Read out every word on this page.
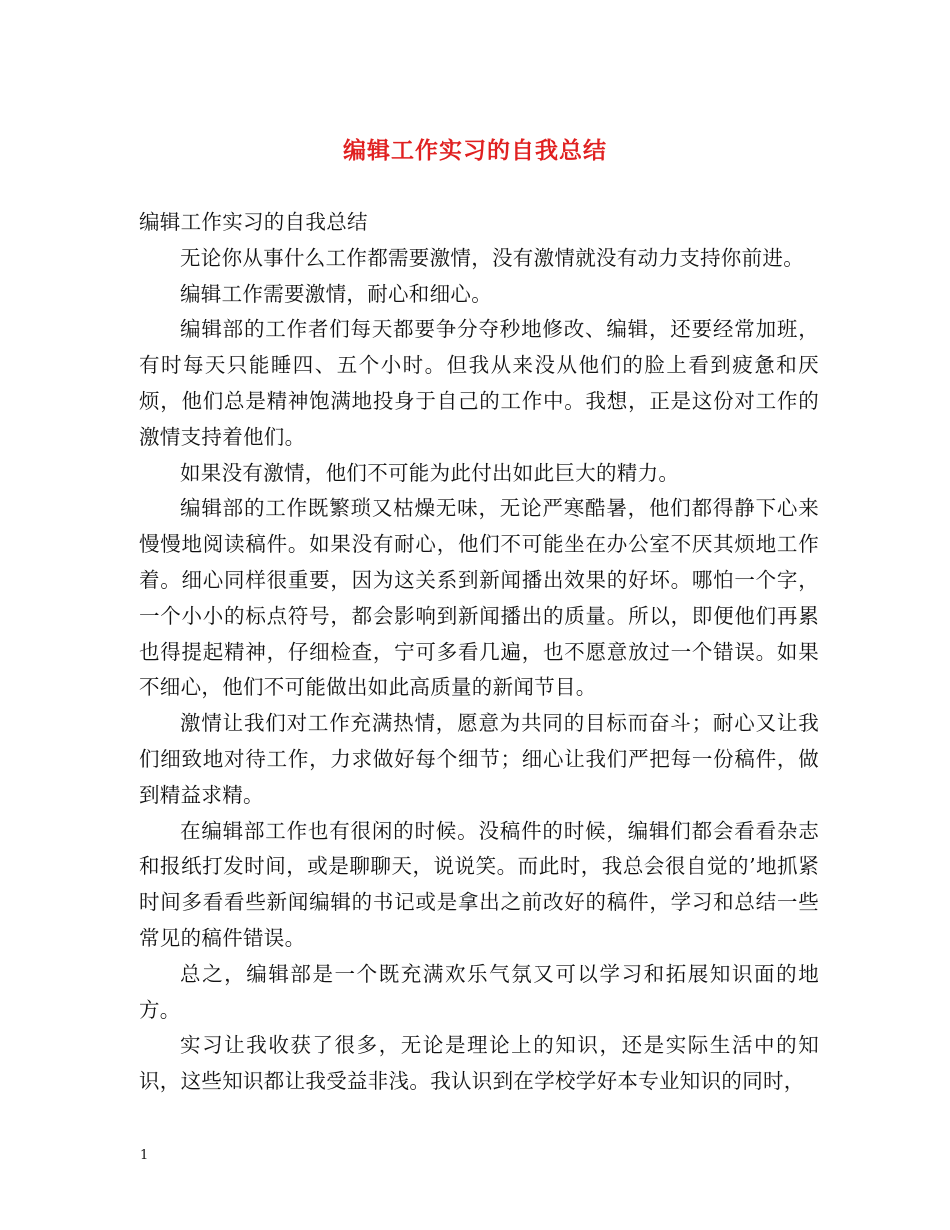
编辑工作实习的自我总结

编辑工作实习的自我总结

无论你从事什么工作都需要激情，没有激情就没有动力支持你前进。

编辑工作需要激情，耐心和细心。

编辑部的工作者们每天都要争分夺秒地修改、编辑，还要经常加班，有时每天只能睡四、五个小时。但我从来没从他们的脸上看到疲惫和厌烦，他们总是精神饱满地投身于自己的工作中。我想，正是这份对工作的激情支持着他们。

如果没有激情，他们不可能为此付出如此巨大的精力。

编辑部的工作既繁琐又枯燥无味，无论严寒酷暑，他们都得静下心来慢慢地阅读稿件。如果没有耐心，他们不可能坐在办公室不厌其烦地工作着。细心同样很重要，因为这关系到新闻播出效果的好坏。哪怕一个字，一个小小的标点符号，都会影响到新闻播出的质量。所以，即便他们再累也得提起精神，仔细检查，宁可多看几遍，也不愿意放过一个错误。如果不细心，他们不可能做出如此高质量的新闻节目。

激情让我们对工作充满热情，愿意为共同的目标而奋斗；耐心又让我们细致地对待工作，力求做好每个细节；细心让我们严把每一份稿件，做到精益求精。

在编辑部工作也有很闲的时候。没稿件的时候，编辑们都会看看杂志和报纸打发时间，或是聊聊天，说说笑。而此时，我总会很自觉的’地抓紧时间多看看些新闻编辑的书记或是拿出之前改好的稿件，学习和总结一些常见的稿件错误。

总之，编辑部是一个既充满欢乐气氛又可以学习和拓展知识面的地方。

实习让我收获了很多，无论是理论上的知识，还是实际生活中的知识，这些知识都让我受益非浅。我认识到在学校学好本专业知识的同时，

1
